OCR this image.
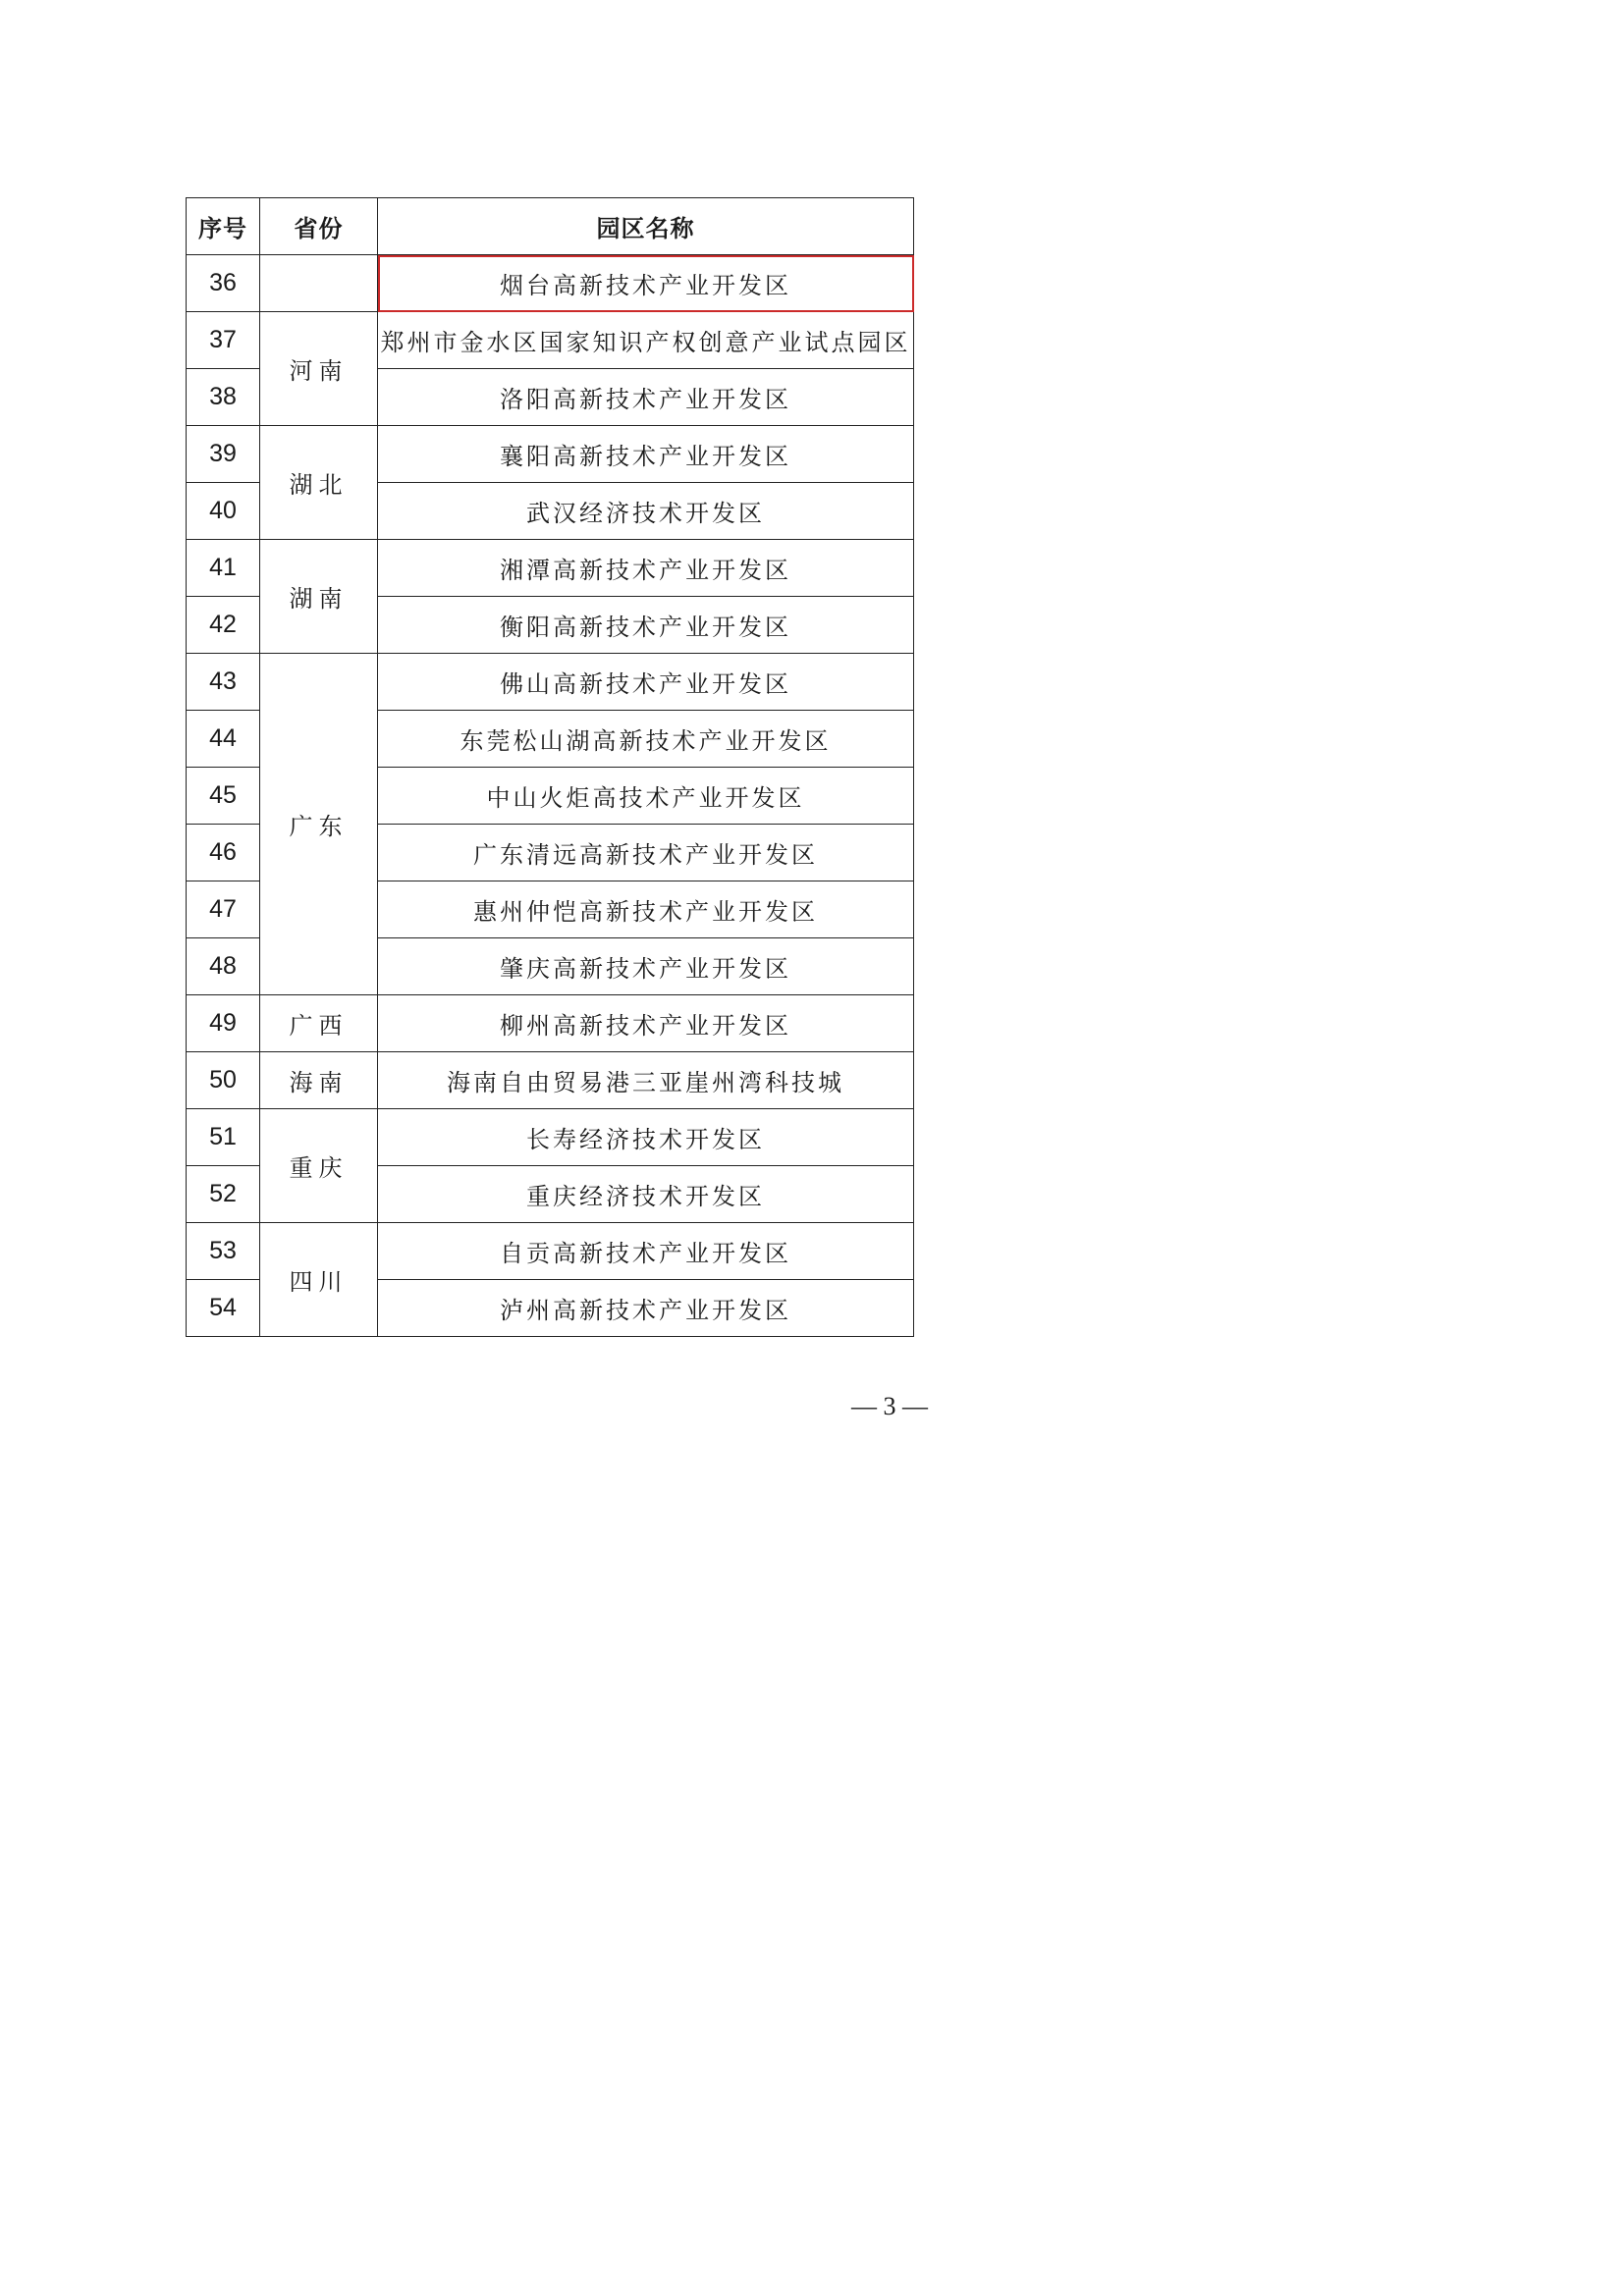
序号	省份	园区名称
36		烟台高新技术产业开发区
37	河南	郑州市金水区国家知识产权创意产业试点园区
38		洛阳高新技术产业开发区
39	湖北	襄阳高新技术产业开发区
40		武汉经济技术开发区
41	湖南	湘潭高新技术产业开发区
42		衡阳高新技术产业开发区
43	广东	佛山高新技术产业开发区
44		东莞松山湖高新技术产业开发区
45		中山火炬高技术产业开发区
46		广东清远高新技术产业开发区
47		惠州仲恺高新技术产业开发区
48		肇庆高新技术产业开发区
49	广西	柳州高新技术产业开发区
50	海南	海南自由贸易港三亚崖州湾科技城
51	重庆	长寿经济技术开发区
52		重庆经济技术开发区
53	四川	自贡高新技术产业开发区
54		泸州高新技术产业开发区
— 3 —
